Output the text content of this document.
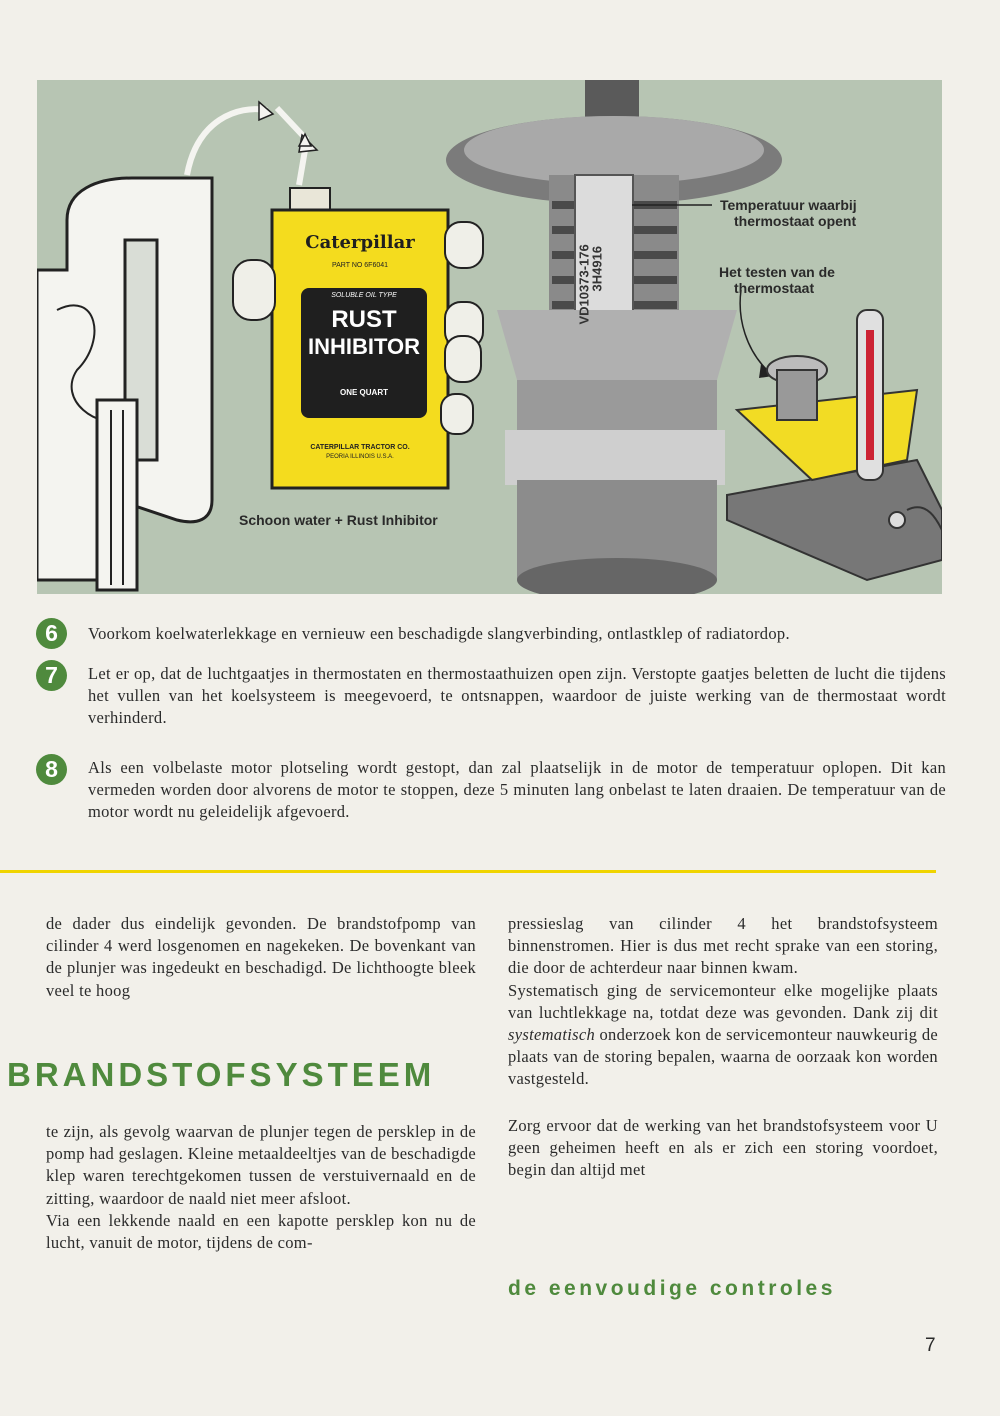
Caterpillar
PART NO 6F6041
SOLUBLE OIL TYPE
RUST
INHIBITOR
ONE QUART
CATERPILLAR TRACTOR CO.
PEORIA ILLINOIS U.S.A.
VD10373-176
3H4916
Schoon water + Rust Inhibitor
Temperatuur waarbij
thermostaat opent
Het testen van de
thermostaat
6	Voorkom koelwaterlekkage en vernieuw een beschadigde slangverbinding, ontlastklep of radiatordop.
7	Let er op, dat de luchtgaatjes in thermostaten en thermostaathuizen open zijn. Verstopte gaatjes beletten de lucht die tijdens het vullen van het koelsysteem is meegevoerd, te ontsnappen, waardoor de juiste werking van de thermostaat wordt verhinderd.
8	Als een volbelaste motor plotseling wordt gestopt, dan zal plaatselijk in de motor de temperatuur oplopen. Dit kan vermeden worden door alvorens de motor te stoppen, deze 5 minuten lang onbelast te laten draaien. De temperatuur van de motor wordt nu geleidelijk afgevoerd.

de dader dus eindelijk gevonden. De brandstofpomp van cilinder 4 werd losgenomen en nagekeken. De bovenkant van de plunjer was ingedeukt en beschadigd. De lichthoogte bleek veel te hoog

BRANDSTOFSYSTEEM

te zijn, als gevolg waarvan de plunjer tegen de persklep in de pomp had geslagen. Kleine metaaldeeltjes van de beschadigde klep waren terechtgekomen tussen de verstuivernaald en de zitting, waardoor de naald niet meer afsloot.

Via een lekkende naald en een kapotte persklep kon nu de lucht, vanuit de motor, tijdens de com-

pressieslag van cilinder 4 het brandstofsysteem binnenstromen. Hier is dus met recht sprake van een storing, die door de achterdeur naar binnen kwam.

Systematisch ging de servicemonteur elke mogelijke plaats van luchtlekkage na, totdat deze was gevonden. Dank zij dit systematisch onderzoek kon de servicemonteur nauwkeurig de plaats van de storing bepalen, waarna de oorzaak kon worden vastgesteld.

Zorg ervoor dat de werking van het brandstofsysteem voor U geen geheimen heeft en als er zich een storing voordoet, begin dan altijd met

de eenvoudige controles
7
